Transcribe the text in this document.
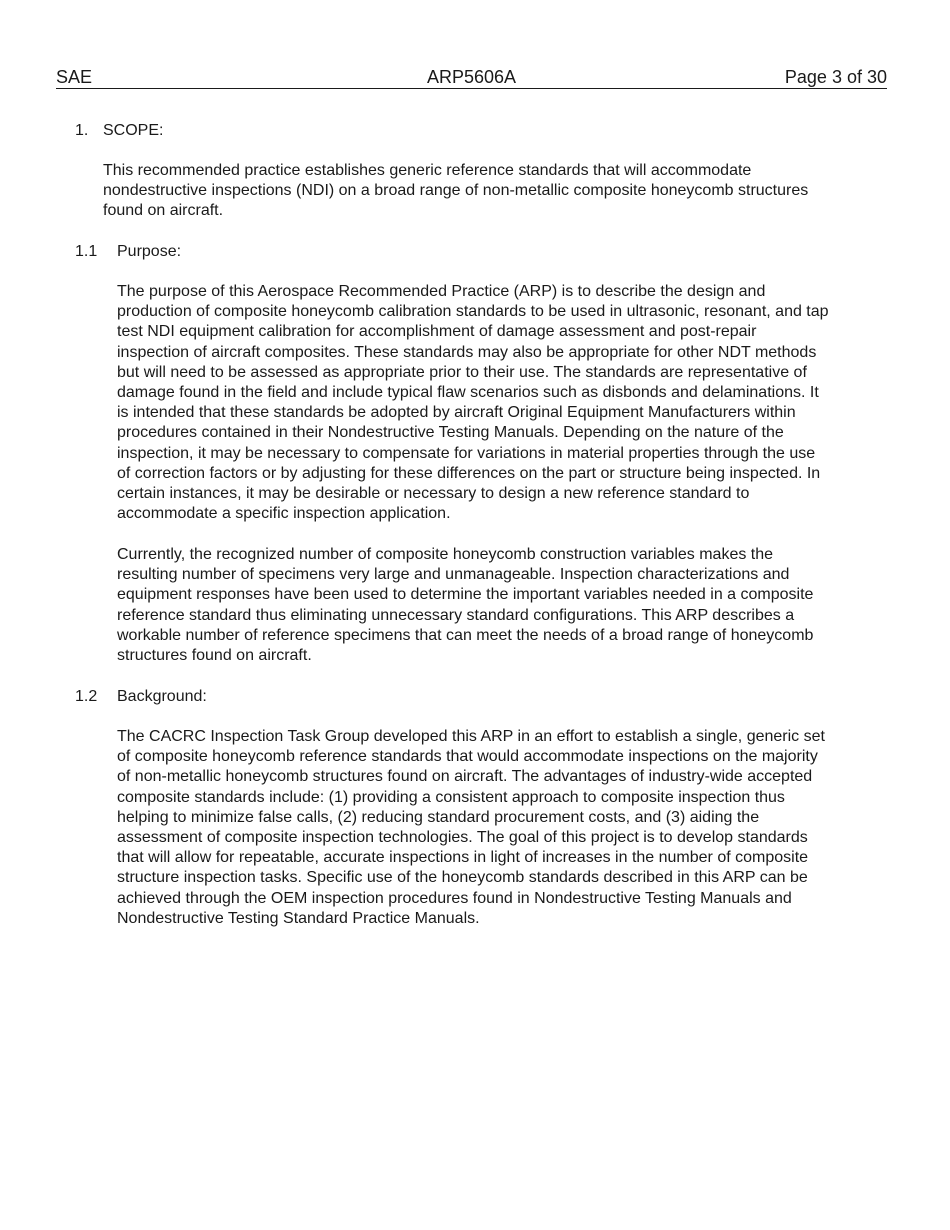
SAE	ARP5606A	Page 3 of 30
1. SCOPE:
This recommended practice establishes generic reference standards that will accommodate
nondestructive inspections (NDI) on a broad range of non-metallic composite honeycomb structures
found on aircraft.
1.1 Purpose:
The purpose of this Aerospace Recommended Practice (ARP) is to describe the design and
production of composite honeycomb calibration standards to be used in ultrasonic, resonant, and tap
test NDI equipment calibration for accomplishment of damage assessment and post-repair
inspection of aircraft composites. These standards may also be appropriate for other NDT methods
but will need to be assessed as appropriate prior to their use. The standards are representative of
damage found in the field and include typical flaw scenarios such as disbonds and delaminations. It
is intended that these standards be adopted by aircraft Original Equipment Manufacturers within
procedures contained in their Nondestructive Testing Manuals. Depending on the nature of the
inspection, it may be necessary to compensate for variations in material properties through the use
of correction factors or by adjusting for these differences on the part or structure being inspected. In
certain instances, it may be desirable or necessary to design a new reference standard to
accommodate a specific inspection application.
Currently, the recognized number of composite honeycomb construction variables makes the
resulting number of specimens very large and unmanageable. Inspection characterizations and
equipment responses have been used to determine the important variables needed in a composite
reference standard thus eliminating unnecessary standard configurations. This ARP describes a
workable number of reference specimens that can meet the needs of a broad range of honeycomb
structures found on aircraft.
1.2 Background:
The CACRC Inspection Task Group developed this ARP in an effort to establish a single, generic set
of composite honeycomb reference standards that would accommodate inspections on the majority
of non-metallic honeycomb structures found on aircraft. The advantages of industry-wide accepted
composite standards include: (1) providing a consistent approach to composite inspection thus
helping to minimize false calls, (2) reducing standard procurement costs, and (3) aiding the
assessment of composite inspection technologies. The goal of this project is to develop standards
that will allow for repeatable, accurate inspections in light of increases in the number of composite
structure inspection tasks. Specific use of the honeycomb standards described in this ARP can be
achieved through the OEM inspection procedures found in Nondestructive Testing Manuals and
Nondestructive Testing Standard Practice Manuals.
